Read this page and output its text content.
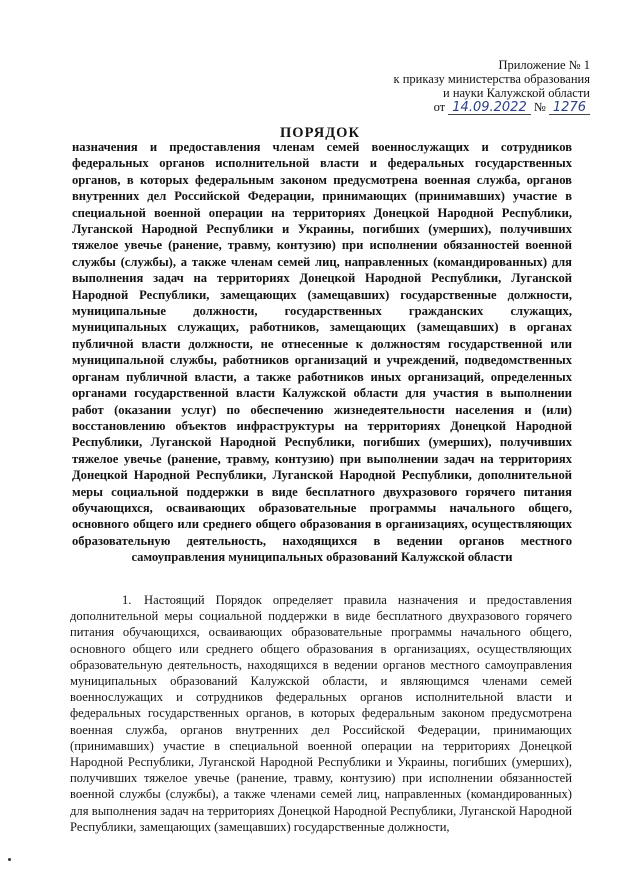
Приложение № 1
к приказу министерства образования
и науки Калужской области
от 14.09.2022 № 1276
ПОРЯДОК
назначения и предоставления членам семей военнослужащих и сотрудников федеральных органов исполнительной власти и федеральных государственных органов, в которых федеральным законом предусмотрена военная служба, органов внутренних дел Российской Федерации, принимающих (принимавших) участие в специальной военной операции на территориях Донецкой Народной Республики, Луганской Народной Республики и Украины, погибших (умерших), получивших тяжелое увечье (ранение, травму, контузию) при исполнении обязанностей военной службы (службы), а также членам семей лиц, направленных (командированных) для выполнения задач на территориях Донецкой Народной Республики, Луганской Народной Республики, замещающих (замещавших) государственные должности, муниципальные должности, государственных гражданских служащих, муниципальных служащих, работников, замещающих (замещавших) в органах публичной власти должности, не отнесенные к должностям государственной или муниципальной службы, работников организаций и учреждений, подведомственных органам публичной власти, а также работников иных организаций, определенных органами государственной власти Калужской области для участия в выполнении работ (оказании услуг) по обеспечению жизнедеятельности населения и (или) восстановлению объектов инфраструктуры на территориях Донецкой Народной Республики, Луганской Народной Республики, погибших (умерших), получивших тяжелое увечье (ранение, травму, контузию) при выполнении задач на территориях Донецкой Народной Республики, Луганской Народной Республики, дополнительной меры социальной поддержки в виде бесплатного двухразового горячего питания обучающихся, осваивающих образовательные программы начального общего, основного общего или среднего общего образования в организациях, осуществляющих образовательную деятельность, находящихся в ведении органов местного самоуправления муниципальных образований Калужской области
1. Настоящий Порядок определяет правила назначения и предоставления дополнительной меры социальной поддержки в виде бесплатного двухразового горячего питания обучающихся, осваивающих образовательные программы начального общего, основного общего или среднего общего образования в организациях, осуществляющих образовательную деятельность, находящихся в ведении органов местного самоуправления муниципальных образований Калужской области, и являющимся членами семей военнослужащих и сотрудников федеральных органов исполнительной власти и федеральных государственных органов, в которых федеральным законом предусмотрена военная служба, органов внутренних дел Российской Федерации, принимающих (принимавших) участие в специальной военной операции на территориях Донецкой Народной Республики, Луганской Народной Республики и Украины, погибших (умерших), получивших тяжелое увечье (ранение, травму, контузию) при исполнении обязанностей военной службы (службы), а также членами семей лиц, направленных (командированных) для выполнения задач на территориях Донецкой Народной Республики, Луганской Народной Республики, замещающих (замещавших) государственные должности,
